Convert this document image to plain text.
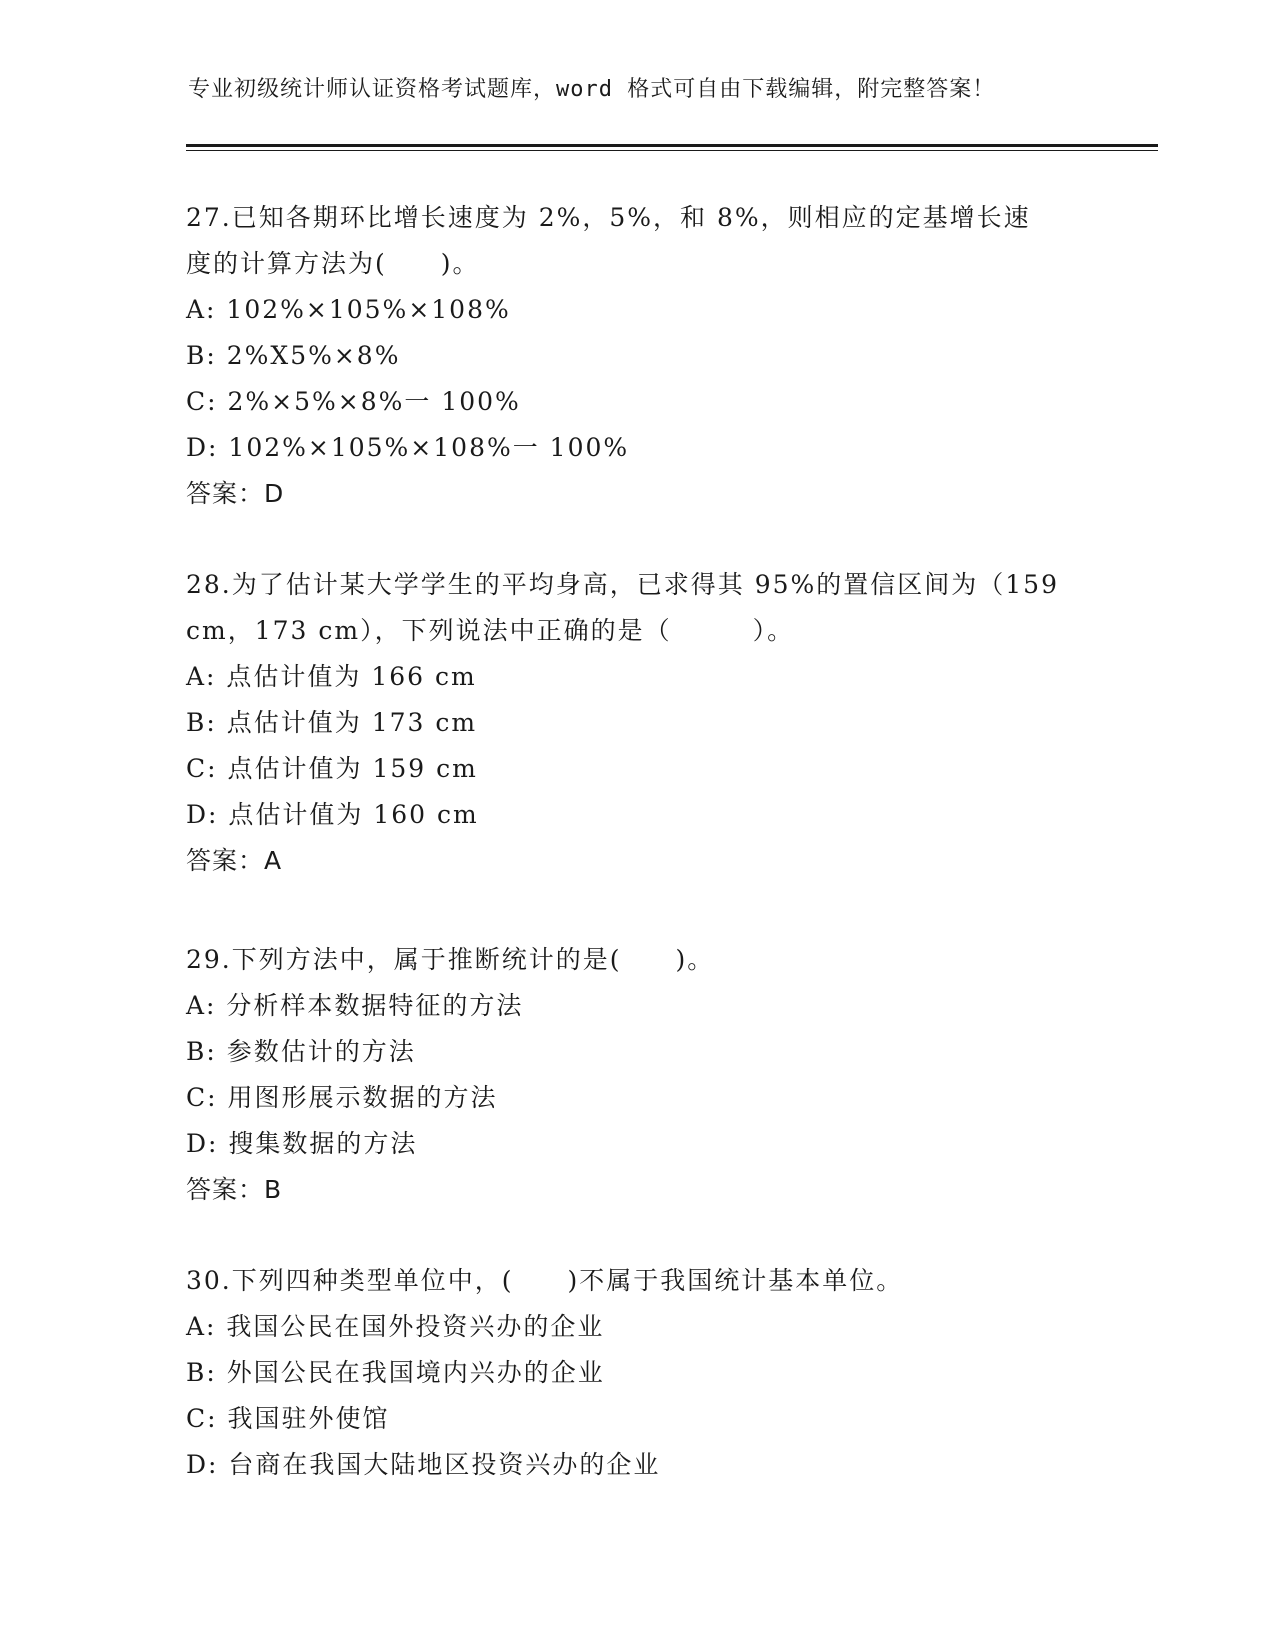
专业初级统计师认证资格考试题库，word 格式可自由下载编辑，附完整答案！
27.已知各期环比增长速度为 2%，5%，和 8%，则相应的定基增长速
度的计算方法为(　　)。
A: 102%×105%×108%
B: 2%X5%×8%
C: 2%×5%×8%一 100%
D: 102%×105%×108%一 100%
答案：D
28.为了估计某大学学生的平均身高，已求得其 95%的置信区间为（159
cm，173 cm），下列说法中正确的是（　　　）。
A: 点估计值为 166 cm
B: 点估计值为 173 cm
C: 点估计值为 159 cm
D: 点估计值为 160 cm
答案：A
29.下列方法中，属于推断统计的是(　　)。
A: 分析样本数据特征的方法
B: 参数估计的方法
C: 用图形展示数据的方法
D: 搜集数据的方法
答案：B
30.下列四种类型单位中，(　　)不属于我国统计基本单位。
A: 我国公民在国外投资兴办的企业
B: 外国公民在我国境内兴办的企业
C: 我国驻外使馆
D: 台商在我国大陆地区投资兴办的企业
